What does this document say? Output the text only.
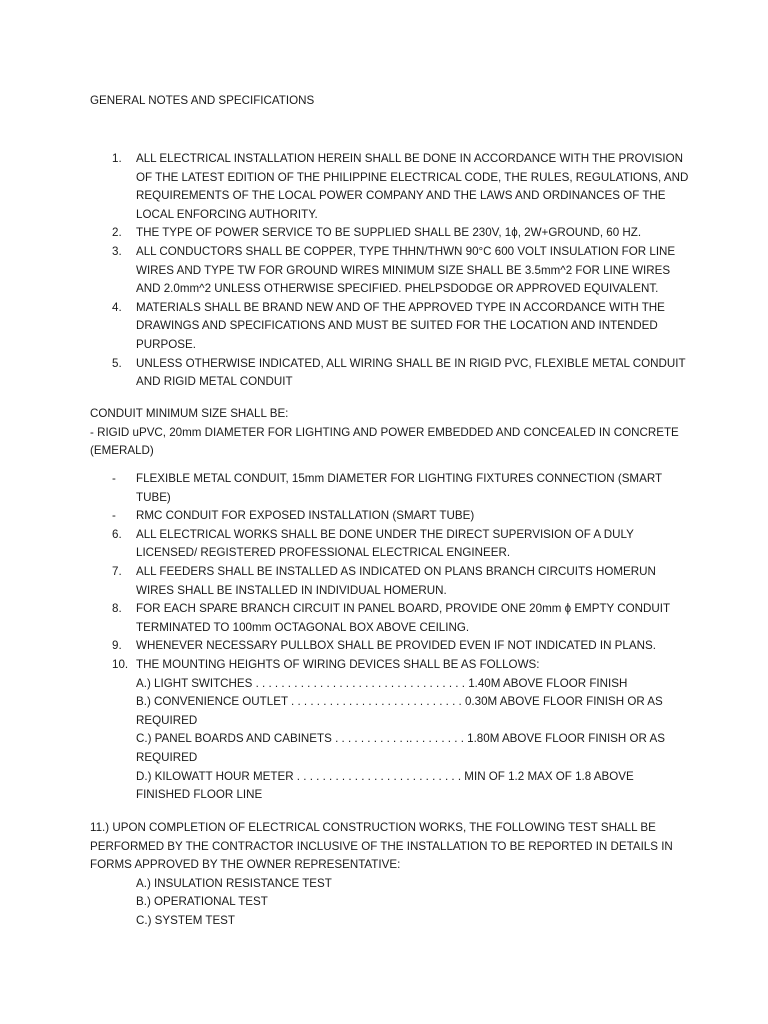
GENERAL NOTES AND SPECIFICATIONS
1. ALL ELECTRICAL INSTALLATION HEREIN SHALL BE DONE IN ACCORDANCE WITH THE PROVISION OF THE LATEST EDITION OF THE PHILIPPINE ELECTRICAL CODE, THE RULES, REGULATIONS, AND REQUIREMENTS OF THE LOCAL POWER COMPANY AND THE LAWS AND ORDINANCES OF THE LOCAL ENFORCING AUTHORITY.
2. THE TYPE OF POWER SERVICE TO BE SUPPLIED SHALL BE 230V, 1ϕ, 2W+GROUND, 60 HZ.
3. ALL CONDUCTORS SHALL BE COPPER, TYPE THHN/THWN 90°C 600 VOLT INSULATION FOR LINE WIRES AND TYPE TW FOR GROUND WIRES MINIMUM SIZE SHALL BE 3.5mm^2 FOR LINE WIRES AND 2.0mm^2 UNLESS OTHERWISE SPECIFIED. PHELPSDODGE OR APPROVED EQUIVALENT.
4. MATERIALS SHALL BE BRAND NEW AND OF THE APPROVED TYPE IN ACCORDANCE WITH THE DRAWINGS AND SPECIFICATIONS AND MUST BE SUITED FOR THE LOCATION AND INTENDED PURPOSE.
5. UNLESS OTHERWISE INDICATED, ALL WIRING SHALL BE IN RIGID PVC, FLEXIBLE METAL CONDUIT AND RIGID METAL CONDUIT
CONDUIT MINIMUM SIZE SHALL BE:
- RIGID uPVC, 20mm DIAMETER FOR LIGHTING AND POWER EMBEDDED AND CONCEALED IN CONCRETE (EMERALD)
- FLEXIBLE METAL CONDUIT, 15mm DIAMETER FOR LIGHTING FIXTURES CONNECTION (SMART TUBE)
- RMC CONDUIT FOR EXPOSED INSTALLATION (SMART TUBE)
6. ALL ELECTRICAL WORKS SHALL BE DONE UNDER THE DIRECT SUPERVISION OF A DULY LICENSED/ REGISTERED PROFESSIONAL ELECTRICAL ENGINEER.
7. ALL FEEDERS SHALL BE INSTALLED AS INDICATED ON PLANS BRANCH CIRCUITS HOMERUN WIRES SHALL BE INSTALLED IN INDIVIDUAL HOMERUN.
8. FOR EACH SPARE BRANCH CIRCUIT IN PANEL BOARD, PROVIDE ONE 20mm ϕ EMPTY CONDUIT TERMINATED TO 100mm OCTAGONAL BOX ABOVE CEILING.
9. WHENEVER NECESSARY PULLBOX SHALL BE PROVIDED EVEN IF NOT INDICATED IN PLANS.
10. THE MOUNTING HEIGHTS OF WIRING DEVICES SHALL BE AS FOLLOWS:
A.) LIGHT SWITCHES . . . . . . . . . . . . . . . . . . . . . . . . . . . . . . . . . 1.40M ABOVE FLOOR FINISH
B.) CONVENIENCE OUTLET . . . . . . . . . . . . . . . . . . . . . . . . . . . 0.30M ABOVE FLOOR FINISH OR AS REQUIRED
C.) PANEL BOARDS AND CABINETS . . . . . . . . . . . .. . . . . . . . . 1.80M ABOVE FLOOR FINISH OR AS REQUIRED
D.) KILOWATT HOUR METER . . . . . . . . . . . . . . . . . . . . . . . . . . MIN OF 1.2 MAX OF 1.8 ABOVE FINISHED FLOOR LINE
11.) UPON COMPLETION OF ELECTRICAL CONSTRUCTION WORKS, THE FOLLOWING TEST SHALL BE PERFORMED BY THE CONTRACTOR INCLUSIVE OF THE INSTALLATION TO BE REPORTED IN DETAILS IN FORMS APPROVED BY THE OWNER REPRESENTATIVE:
A.) INSULATION RESISTANCE TEST
B.) OPERATIONAL TEST
C.) SYSTEM TEST
